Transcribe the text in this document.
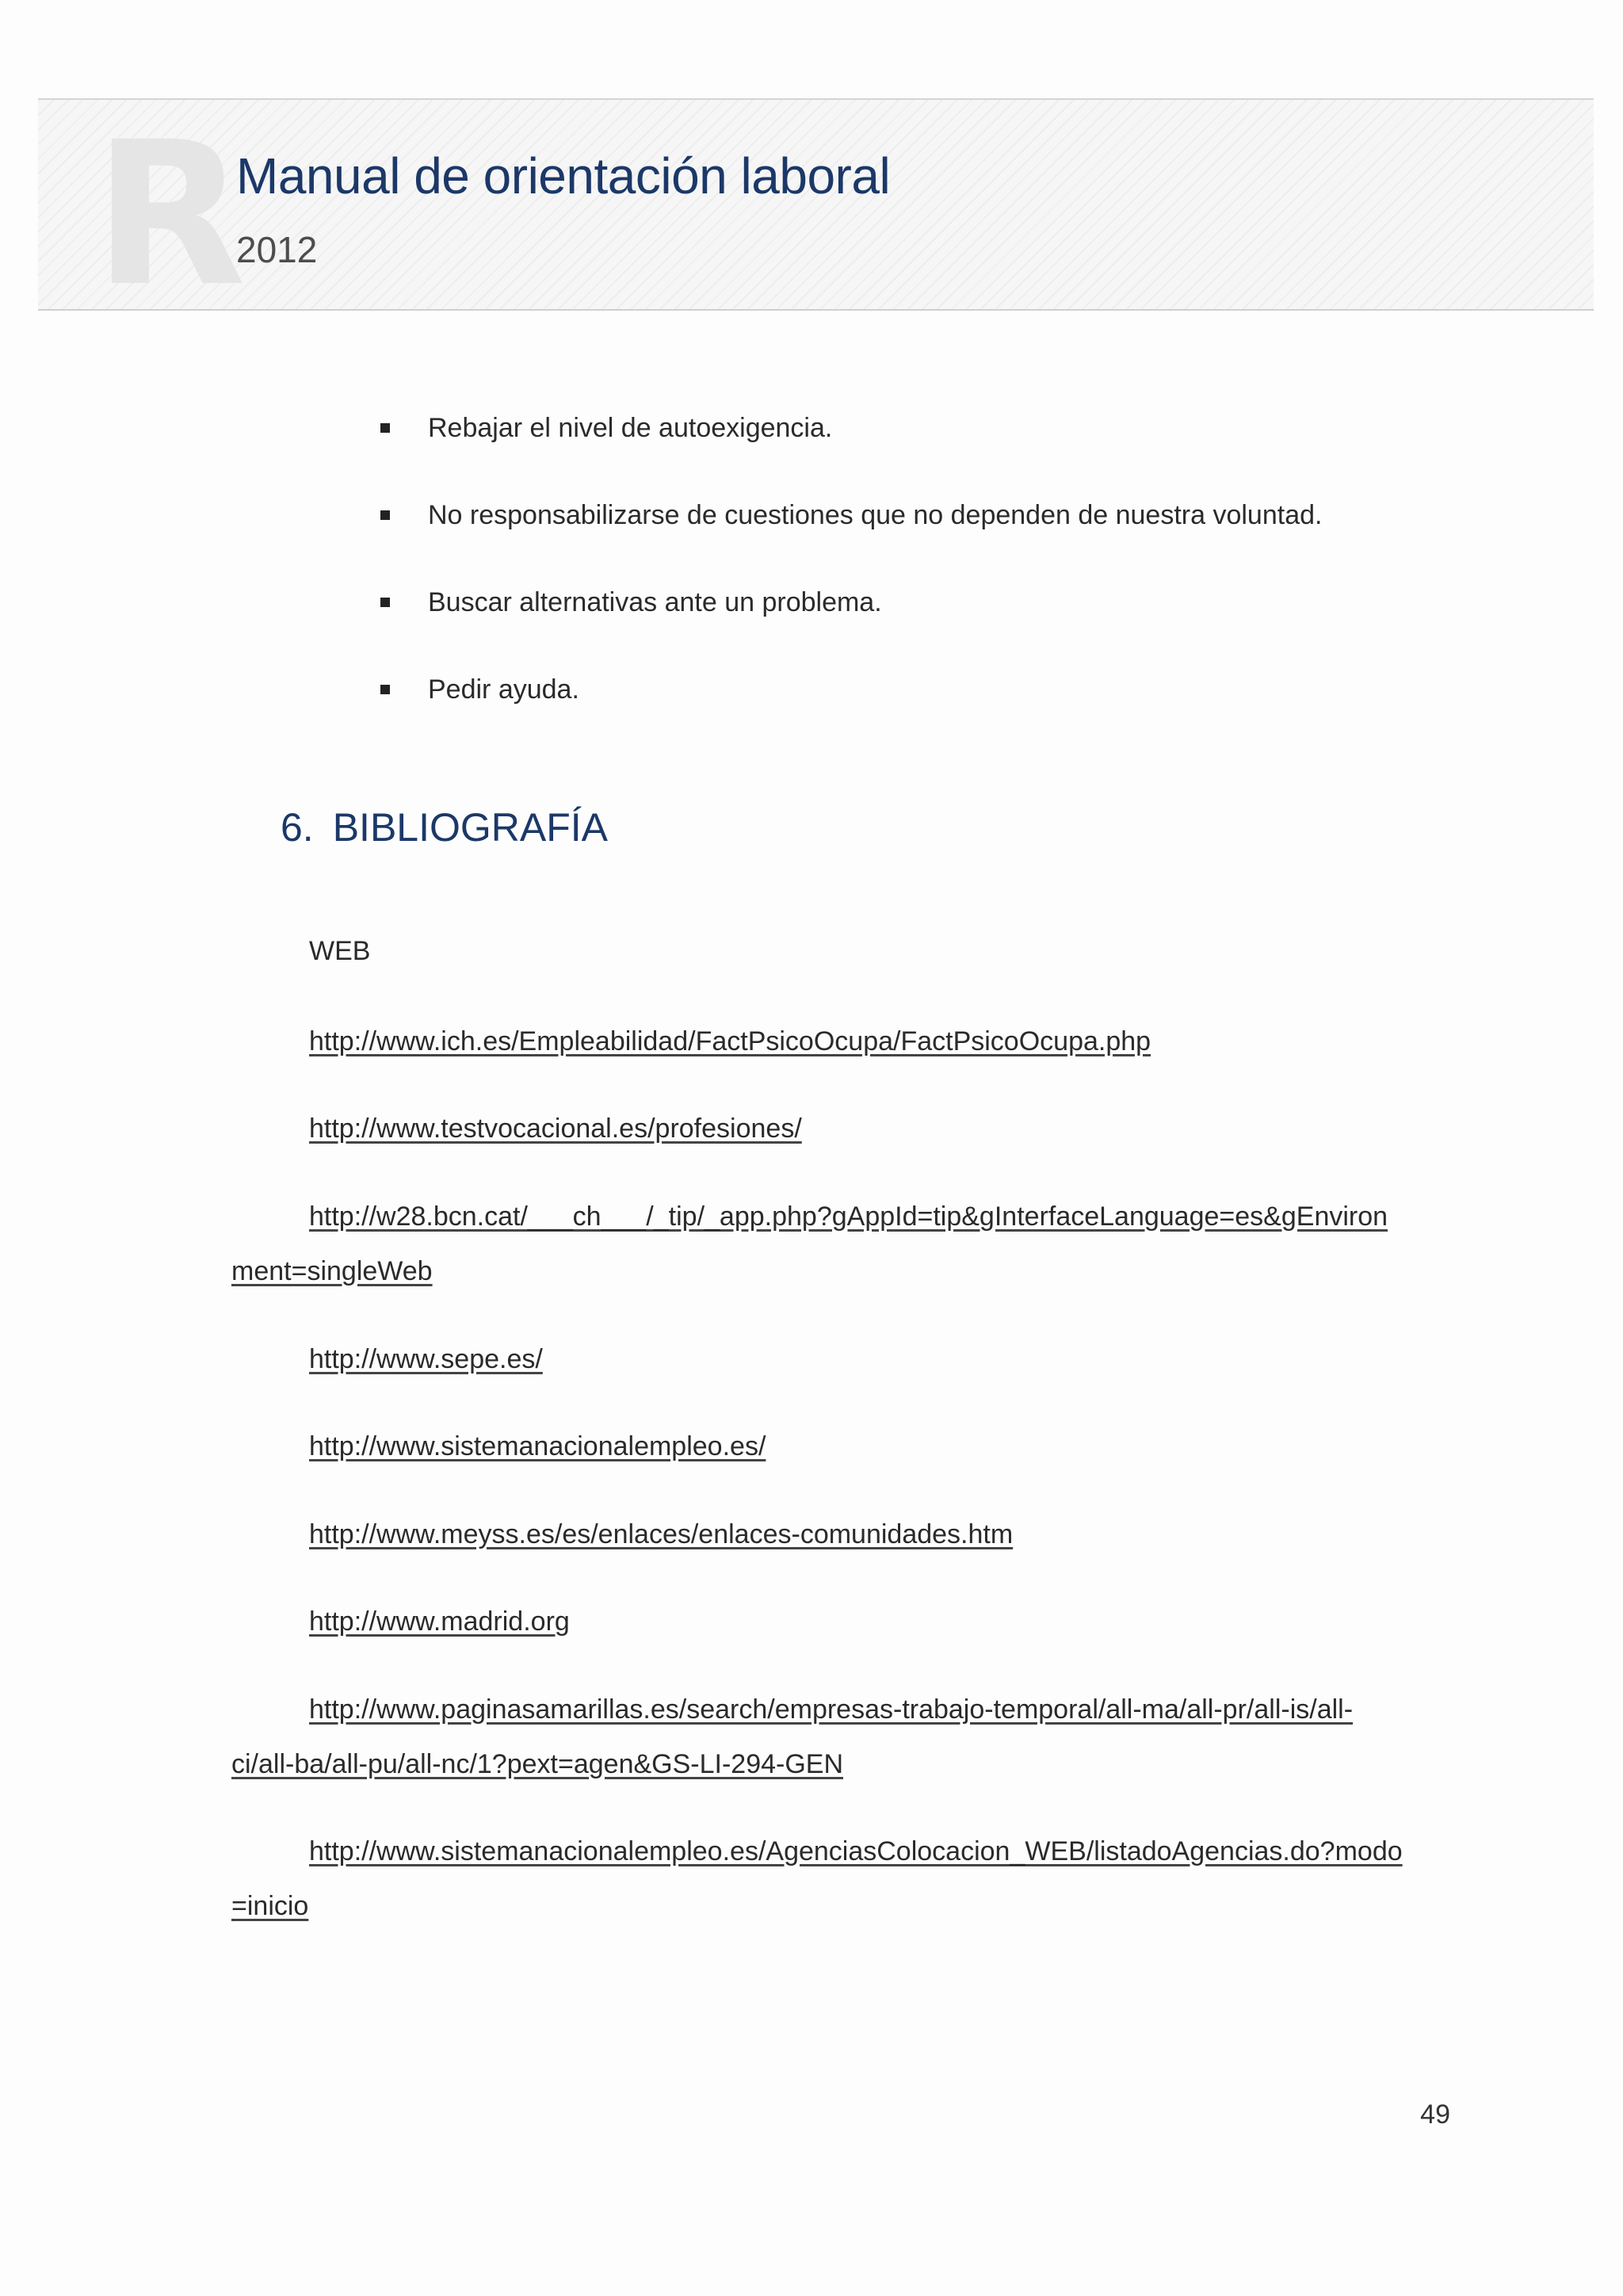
R
Manual de orientación laboral
2012
Rebajar el nivel de autoexigencia.
No responsabilizarse de cuestiones que no dependen de nuestra voluntad.
Buscar alternativas ante un problema.
Pedir ayuda.
6. BIBLIOGRAFÍA
WEB
http://www.ich.es/Empleabilidad/FactPsicoOcupa/FactPsicoOcupa.php
http://www.testvocacional.es/profesiones/
http://w28.bcn.cat/___ch___/_tip/_app.php?gAppId=tip&gInterfaceLanguage=es&gEnviron
ment=singleWeb
http://www.sepe.es/
http://www.sistemanacionalempleo.es/
http://www.meyss.es/es/enlaces/enlaces-comunidades.htm
http://www.madrid.org
http://www.paginasamarillas.es/search/empresas-trabajo-temporal/all-ma/all-pr/all-is/all-
ci/all-ba/all-pu/all-nc/1?pext=agen&GS-LI-294-GEN
http://www.sistemanacionalempleo.es/AgenciasColocacion_WEB/listadoAgencias.do?modo
=inicio
49
